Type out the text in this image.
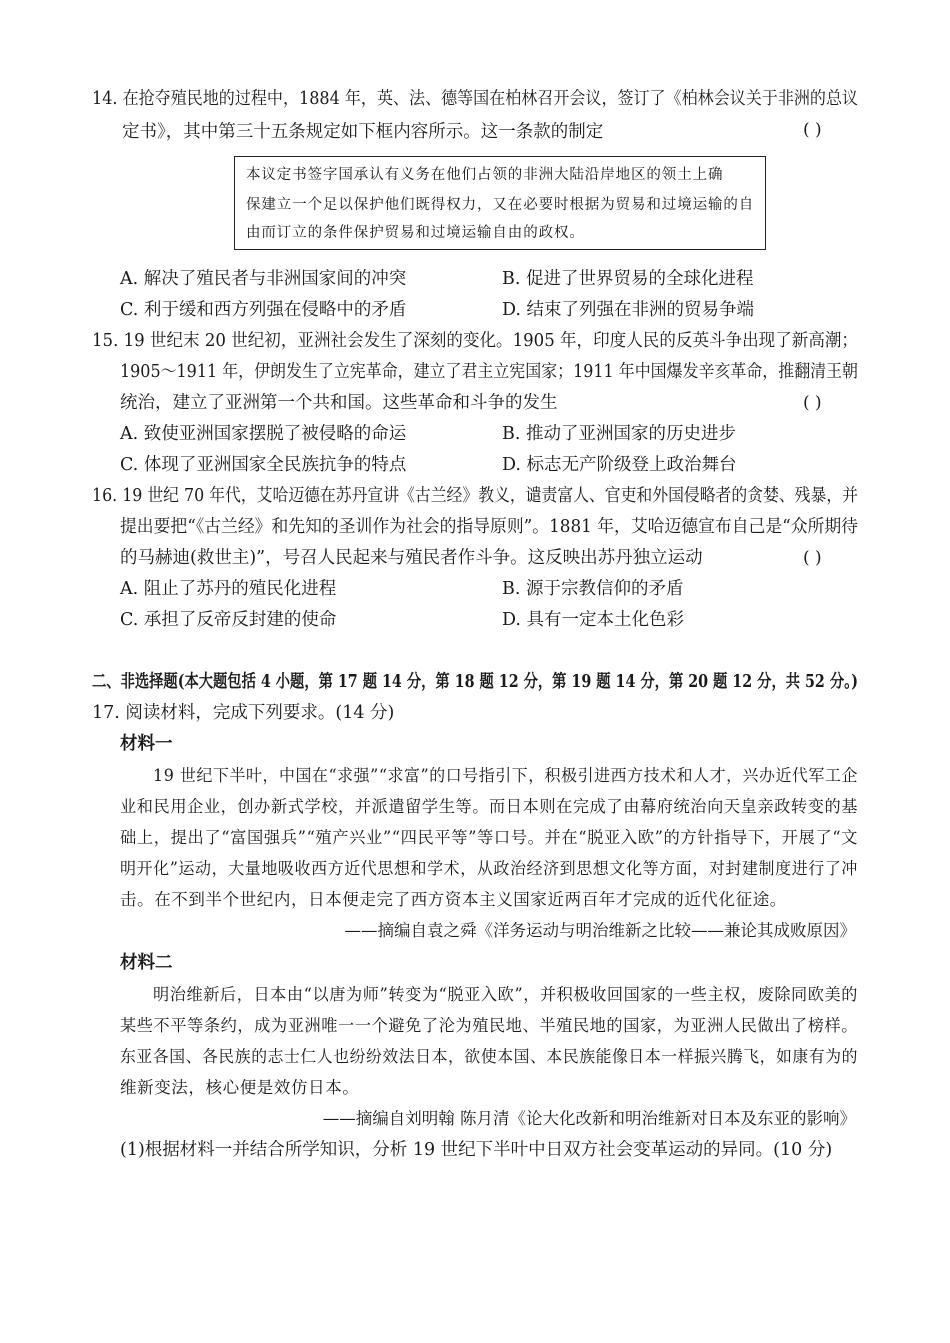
14. 在抢夺殖民地的过程中，1884 年，英、法、德等国在柏林召开会议，签订了《柏林会议关于非洲的总议
定书》，其中第三十五条规定如下框内容所示。这一条款的制定	( )
本议定书签字国承认有义务在他们占领的非洲大陆沿岸地区的领土上确
保建立一个足以保护他们既得权力，又在必要时根据为贸易和过境运输的自
由而订立的条件保护贸易和过境运输自由的政权。
A. 解决了殖民者与非洲国家间的冲突	B. 促进了世界贸易的全球化进程
C. 利于缓和西方列强在侵略中的矛盾	D. 结束了列强在非洲的贸易争端
15. 19 世纪末 20 世纪初，亚洲社会发生了深刻的变化。1905 年，印度人民的反英斗争出现了新高潮；
1905～1911 年，伊朗发生了立宪革命，建立了君主立宪国家；1911 年中国爆发辛亥革命，推翻清王朝
统治，建立了亚洲第一个共和国。这些革命和斗争的发生	( )
A. 致使亚洲国家摆脱了被侵略的命运	B. 推动了亚洲国家的历史进步
C. 体现了亚洲国家全民族抗争的特点	D. 标志无产阶级登上政治舞台
16. 19 世纪 70 年代，艾哈迈德在苏丹宣讲《古兰经》教义，谴责富人、官吏和外国侵略者的贪婪、残暴，并
提出要把“《古兰经》和先知的圣训作为社会的指导原则”。1881 年，艾哈迈德宣布自己是“众所期待
的马赫迪(救世主)”，号召人民起来与殖民者作斗争。这反映出苏丹独立运动	( )
A. 阻止了苏丹的殖民化进程	B. 源于宗教信仰的矛盾
C. 承担了反帝反封建的使命	D. 具有一定本土化色彩
二、非选择题(本大题包括 4 小题，第 17 题 14 分，第 18 题 12 分，第 19 题 14 分，第 20 题 12 分，共 52 分。)
17. 阅读材料，完成下列要求。(14 分)
材料一
19 世纪下半叶，中国在“求强”“求富”的口号指引下，积极引进西方技术和人才，兴办近代军工企
业和民用企业，创办新式学校，并派遣留学生等。而日本则在完成了由幕府统治向天皇亲政转变的基
础上，提出了“富国强兵”“殖产兴业”“四民平等”等口号。并在“脱亚入欧”的方针指导下，开展了“文
明开化”运动，大量地吸收西方近代思想和学术，从政治经济到思想文化等方面，对封建制度进行了冲
击。在不到半个世纪内，日本便走完了西方资本主义国家近两百年才完成的近代化征途。
——摘编自袁之舜《洋务运动与明治维新之比较——兼论其成败原因》
材料二
明治维新后，日本由“以唐为师”转变为“脱亚入欧”，并积极收回国家的一些主权，废除同欧美的
某些不平等条约，成为亚洲唯一一个避免了沦为殖民地、半殖民地的国家，为亚洲人民做出了榜样。
东亚各国、各民族的志士仁人也纷纷效法日本，欲使本国、本民族能像日本一样振兴腾飞，如康有为的
维新变法，核心便是效仿日本。
——摘编自刘明翰 陈月清《论大化改新和明治维新对日本及东亚的影响》
(1)根据材料一并结合所学知识，分析 19 世纪下半叶中日双方社会变革运动的异同。(10 分)
